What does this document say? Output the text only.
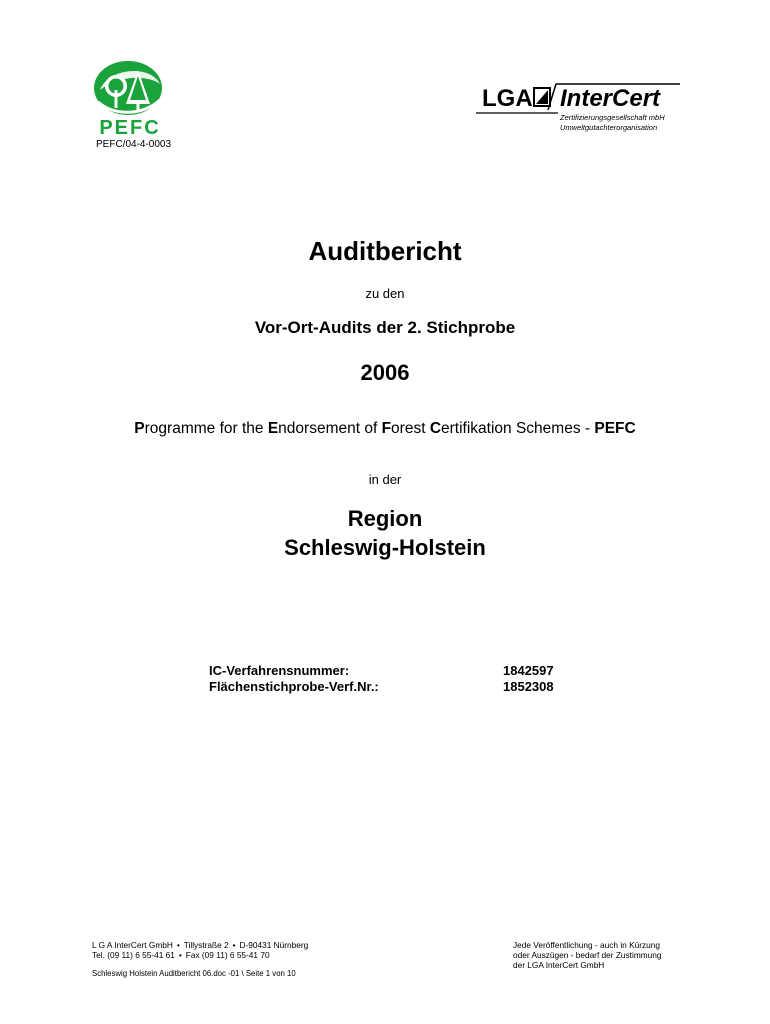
PEFC
PEFC/04-4-0003
LGA InterCert
Zertifizierungsgesellschaft mbH
Umweltgutachterorganisation
Auditbericht
zu den
Vor-Ort-Audits der 2. Stichprobe
2006
Programme for the Endorsement of Forest Certifikation Schemes - PEFC
in der
Region
Schleswig-Holstein
IC-Verfahrensnummer:	1842597
Flächenstichprobe-Verf.Nr.:	1852308
L G A InterCert GmbH • Tillystraße 2 • D-90431 Nürnberg
Tel. (09 11) 6 55-41 61 • Fax (09 11) 6 55-41 70
Jede Veröffentlichung - auch in Kürzung
oder Auszügen - bedarf der Zustimmung
der LGA InterCert GmbH
Schleswig Holstein Auditbericht 06.doc -01 \ Seite 1 von 10
